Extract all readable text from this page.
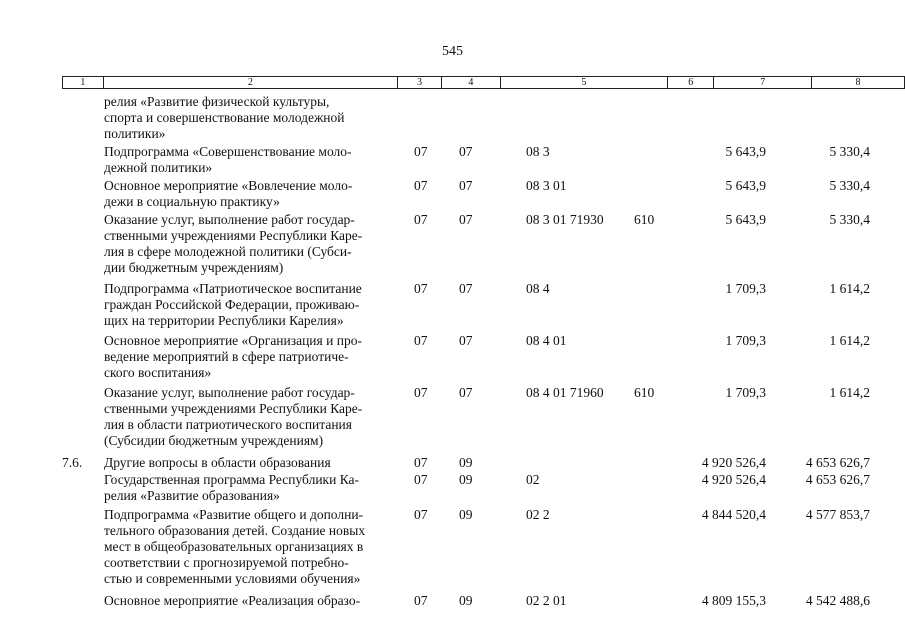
545
1	2	3	4	5	6	7	8
релия «Развитие физической культуры,
спорта и совершенствование молодежной
политики»
Подпрограмма «Совершенствование моло-
дежной политики»
07 07	08 3	5 643,9	5 330,4
Основное мероприятие «Вовлечение моло-
дежи в социальную практику»
07 07	08 3 01	5 643,9	5 330,4
Оказание услуг, выполнение работ государ-
ственными учреждениями Республики Каре-
лия в сфере молодежной политики (Субси-
дии бюджетным учреждениям)
07 07	08 3 01 71930 610	5 643,9	5 330,4
Подпрограмма «Патриотическое воспитание
граждан Российской Федерации, проживаю-
щих на территории Республики Карелия»
07 07	08 4	1 709,3	1 614,2
Основное мероприятие «Организация и про-
ведение мероприятий в сфере патриотиче-
ского воспитания»
07 07	08 4 01	1 709,3	1 614,2
Оказание услуг, выполнение работ государ-
ственными учреждениями Республики Каре-
лия в области патриотического воспитания
(Субсидии бюджетным учреждениям)
07 07	08 4 01 71960 610	1 709,3	1 614,2
7.6. Другие вопросы в области образования	07 09	4 920 526,4	4 653 626,7
Государственная программа Республики Ка-
релия «Развитие образования»
07 09	02	4 920 526,4	4 653 626,7
Подпрограмма «Развитие общего и дополни-
тельного образования детей. Создание новых
мест в общеобразовательных организациях в
соответствии с прогнозируемой потребно-
стью и современными условиями обучения»
07 09	02 2	4 844 520,4	4 577 853,7
Основное мероприятие «Реализация образо-	07 09	02 2 01	4 809 155,3	4 542 488,6
